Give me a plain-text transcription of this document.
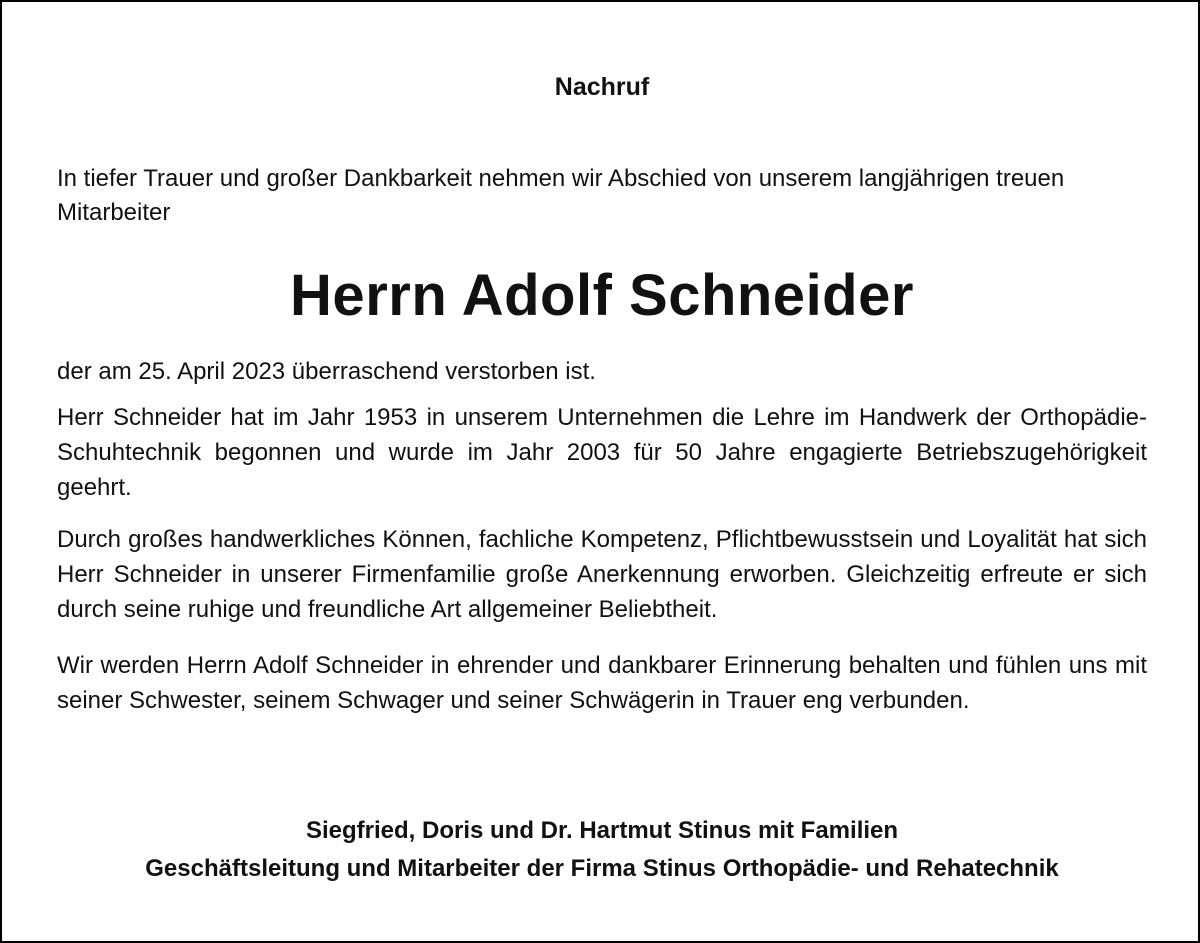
Nachruf
In tiefer Trauer und großer Dankbarkeit nehmen wir Abschied von unserem langjährigen treuen Mitarbeiter
Herrn Adolf Schneider
der am 25. April 2023 überraschend verstorben ist.
Herr Schneider hat im Jahr 1953 in unserem Unternehmen die Lehre im Handwerk der Orthopädie-Schuhtechnik begonnen und wurde im Jahr 2003 für 50 Jahre engagierte Betriebszugehörigkeit geehrt.
Durch großes handwerkliches Können, fachliche Kompetenz, Pflichtbewusstsein und Loyalität hat sich Herr Schneider in unserer Firmenfamilie große Anerkennung erworben. Gleichzeitig erfreute er sich durch seine ruhige und freundliche Art allgemeiner Beliebtheit.
Wir werden Herrn Adolf Schneider in ehrender und dankbarer Erinnerung behalten und fühlen uns mit seiner Schwester, seinem Schwager und seiner Schwägerin in Trauer eng verbunden.
Siegfried, Doris und Dr. Hartmut Stinus mit Familien
Geschäftsleitung und Mitarbeiter der Firma Stinus Orthopädie- und Rehatechnik
